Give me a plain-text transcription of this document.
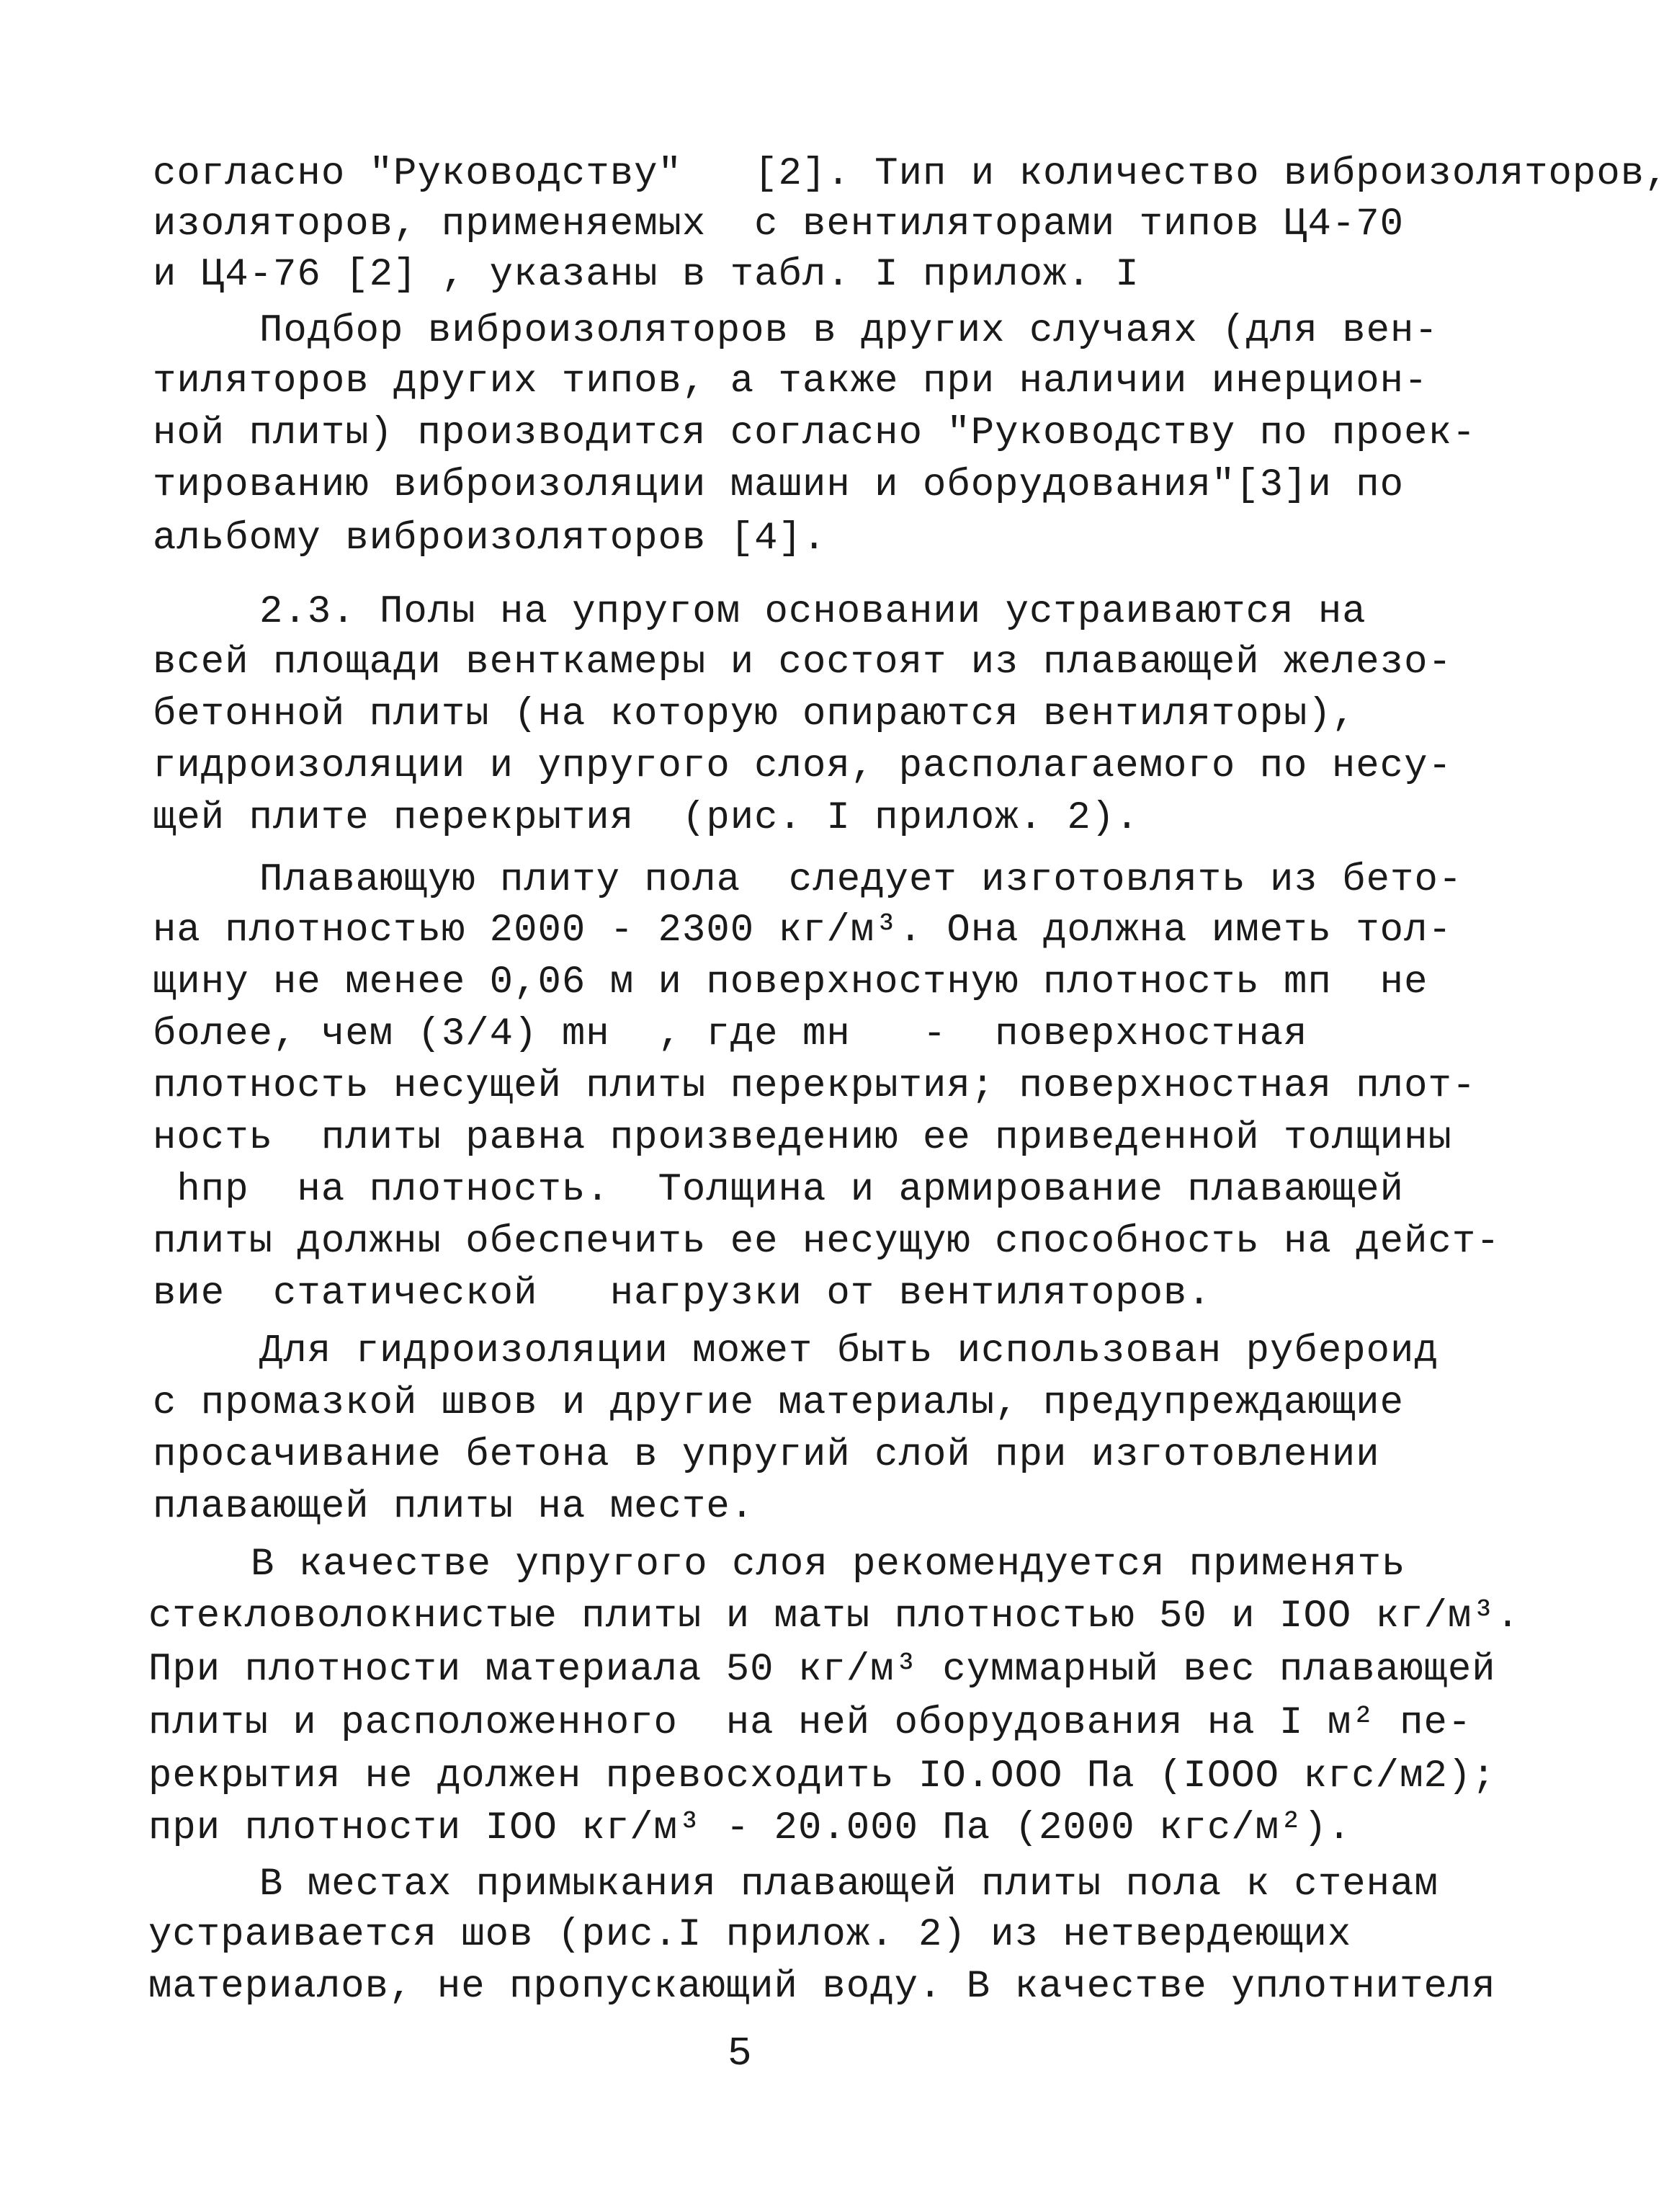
согласно "Руководству"   [2]. Тип и количество виброизоляторов,
изоляторов, применяемых  с вентиляторами типов Ц4-70
и Ц4-76 [2] , указаны в табл. I прилож. I
Подбор виброизоляторов в других случаях (для вен-
тиляторов других типов, а также при наличии инерцион-
ной плиты) производится согласно "Руководству по проек-
тированию виброизоляции машин и оборудования"[3]и по
альбому виброизоляторов [4].
2.3. Полы на упругом основании устраиваются на
всей площади венткамеры и состоят из плавающей железо-
бетонной плиты (на которую опираются вентиляторы),
гидроизоляции и упругого слоя, располагаемого по несу-
щей плите перекрытия  (рис. I прилож. 2).
Плавающую плиту пола  следует изготовлять из бето-
на плотностью 2000 - 2300 кг/м³. Она должна иметь тол-
щину не менее 0,06 м и поверхностную плотность mп  не
более, чем (3/4) mн  , где mн   -  поверхностная
плотность несущей плиты перекрытия; поверхностная плот-
ность  плиты равна произведению ее приведенной толщины
hпр  на плотность.  Толщина и армирование плавающей
плиты должны обеспечить ее несущую способность на дейст-
вие  статической   нагрузки от вентиляторов.
Для гидроизоляции может быть использован рубероид
с промазкой швов и другие материалы, предупреждающие
просачивание бетона в упругий слой при изготовлении
плавающей плиты на месте.
В качестве упругого слоя рекомендуется применять
стекловолокнистые плиты и маты плотностью 50 и IOO кг/м³.
При плотности материала 50 кг/м³ суммарный вес плавающей
плиты и расположенного  на ней оборудования на I м² пе-
рекрытия не должен превосходить IO.OOO Па (IOOO кгс/м2);
при плотности IOO кг/м³ - 20.000 Па (2000 кгс/м²).
В местах примыкания плавающей плиты пола к стенам
устраивается шов (рис.I прилож. 2) из нетвердеющих
материалов, не пропускающий воду. В качестве уплотнителя
5
